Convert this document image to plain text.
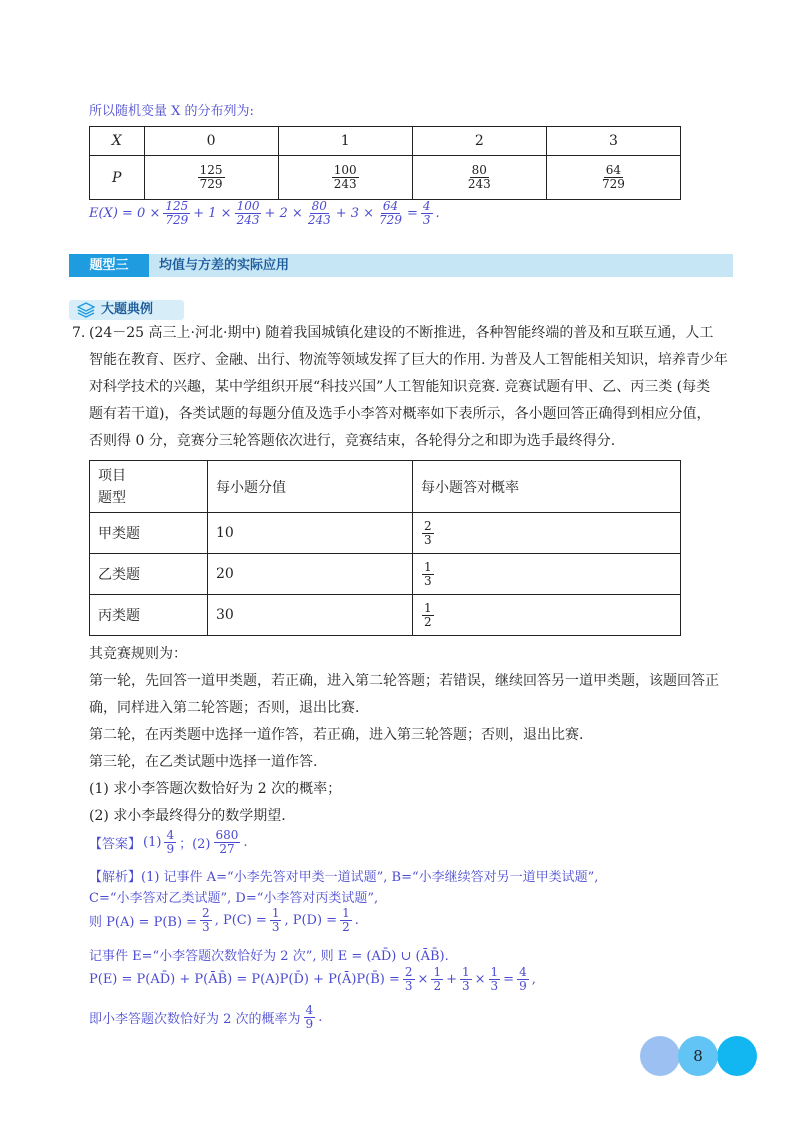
所以随机变量 X 的分布列为:
X	0	1	2	3
P	$\frac{125}{729}$	$\frac{100}{243}$	$\frac{80}{243}$	$\frac{64}{729}$
$E(X) = 0 \times \frac{125}{729} + 1 \times \frac{100}{243} + 2 \times \frac{80}{243} + 3 \times \frac{64}{729} = \frac{4}{3}$ .
题型三	均值与方差的实际应用
大题典例
7. (24－25 高三上·河北·期中) 随着我国城镇化建设的不断推进，各种智能终端的普及和互联互通，人工
智能在教育、医疗、金融、出行、物流等领域发挥了巨大的作用. 为普及人工智能相关知识，培养青少年
对科学技术的兴趣，某中学组织开展“科技兴国”人工智能知识竞赛. 竞赛试题有甲、乙、丙三类 (每类
题有若干道)，各类试题的每题分值及选手小李答对概率如下表所示，各小题回答正确得到相应分值，
否则得 0 分，竞赛分三轮答题依次进行，竞赛结束，各轮得分之和即为选手最终得分.
项目
题型	每小题分值	每小题答对概率
甲类题	10	$\frac{2}{3}$

乙类题	20	$\frac{1}{3}$

丙类题	30	$\frac{1}{2}$
其竞赛规则为：
第一轮，先回答一道甲类题，若正确，进入第二轮答题；若错误，继续回答另一道甲类题，该题回答正
确，同样进入第二轮答题；否则，退出比赛.
第二轮，在丙类题中选择一道作答，若正确，进入第三轮答题；否则，退出比赛.
第三轮，在乙类试题中选择一道作答.
(1) 求小李答题次数恰好为 2 次的概率；
(2) 求小李最终得分的数学期望.
【答案】 $(1) \frac{4}{9}$ ；$(2) \frac{680}{27}$ .
【解析】(1) 记事件 A=“小李先答对甲类一道试题”, B=“小李继续答对另一道甲类试题”,
C=“小李答对乙类试题”, D=“小李答对丙类试题”,
则 $P(A) = P(B) = \frac{2}{3}$ , $P(C) = \frac{1}{3}$ , $P(D) = \frac{1}{2}$ .
记事件 E=“小李答题次数恰好为 2 次”, 则 E = (AD̄) ∪ (ĀB̄).
P(E) = P(AD̄) + P(ĀB̄) = P(A)P(D̄) + P(Ā)P(B̄) = $\frac{2}{3} \times \frac{1}{2} + \frac{1}{3} \times \frac{1}{3} = \frac{4}{9}$ ,
即小李答题次数恰好为 2 次的概率为 $\frac{4}{9}$ .
8
